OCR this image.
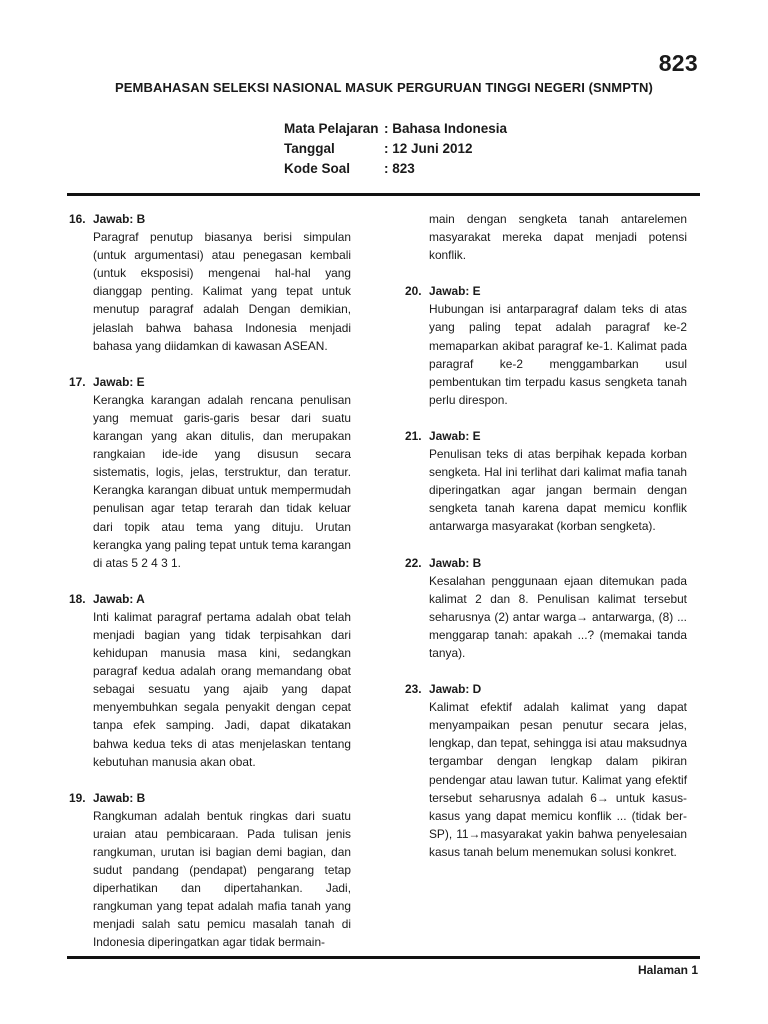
823
PEMBAHASAN SELEKSI NASIONAL MASUK PERGURUAN TINGGI NEGERI (SNMPTN)
Mata Pelajaran : Bahasa Indonesia
Tanggal	: 12 Juni 2012
Kode Soal	: 823
16. Jawab: B
Paragraf penutup biasanya berisi simpulan (untuk argumentasi) atau penegasan kembali (untuk eksposisi) mengenai hal-hal yang dianggap penting. Kalimat yang tepat untuk menutup paragraf adalah Dengan demikian, jelaslah bahwa bahasa Indonesia menjadi bahasa yang diidamkan di kawasan ASEAN.
17. Jawab: E
Kerangka karangan adalah rencana penulisan yang memuat garis-garis besar dari suatu karangan yang akan ditulis, dan merupakan rangkaian ide-ide yang disusun secara sistematis, logis, jelas, terstruktur, dan teratur. Kerangka karangan dibuat untuk mempermudah penulisan agar tetap terarah dan tidak keluar dari topik atau tema yang dituju. Urutan kerangka yang paling tepat untuk tema karangan di atas 5 2 4 3 1.
18. Jawab: A
Inti kalimat paragraf pertama adalah obat telah menjadi bagian yang tidak terpisahkan dari kehidupan manusia masa kini, sedangkan paragraf kedua adalah orang memandang obat sebagai sesuatu yang ajaib yang dapat menyembuhkan segala penyakit dengan cepat tanpa efek samping. Jadi, dapat dikatakan bahwa kedua teks di atas menjelaskan tentang kebutuhan manusia akan obat.
19. Jawab: B
Rangkuman adalah bentuk ringkas dari suatu uraian atau pembicaraan. Pada tulisan jenis rangkuman, urutan isi bagian demi bagian, dan sudut pandang (pendapat) pengarang tetap diperhatikan dan dipertahankan. Jadi, rangkuman yang tepat adalah mafia tanah yang menjadi salah satu pemicu masalah tanah di Indonesia diperingatkan agar tidak bermain-
main dengan sengketa tanah antarelemen masyarakat mereka dapat menjadi potensi konflik.
20. Jawab: E
Hubungan isi antarparagraf dalam teks di atas yang paling tepat adalah paragraf ke-2 memaparkan akibat paragraf ke-1. Kalimat pada paragraf ke-2 menggambarkan usul pembentukan tim terpadu kasus sengketa tanah perlu direspon.
21. Jawab: E
Penulisan teks di atas berpihak kepada korban sengketa. Hal ini terlihat dari kalimat mafia tanah diperingatkan agar jangan bermain dengan sengketa tanah karena dapat memicu konflik antarwarga masyarakat (korban sengketa).
22. Jawab: B
Kesalahan penggunaan ejaan ditemukan pada kalimat 2 dan 8. Penulisan kalimat tersebut seharusnya (2) antar warga→ antarwarga, (8) ... menggarap tanah: apakah ...? (memakai tanda tanya).
23. Jawab: D
Kalimat efektif adalah kalimat yang dapat menyampaikan pesan penutur secara jelas, lengkap, dan tepat, sehingga isi atau maksudnya tergambar dengan lengkap dalam pikiran pendengar atau lawan tutur. Kalimat yang efektif tersebut seharusnya adalah 6→ untuk kasus-kasus yang dapat memicu konflik ... (tidak ber-SP), 11→masyarakat yakin bahwa penyelesaian kasus tanah belum menemukan solusi konkret.
Halaman 1
